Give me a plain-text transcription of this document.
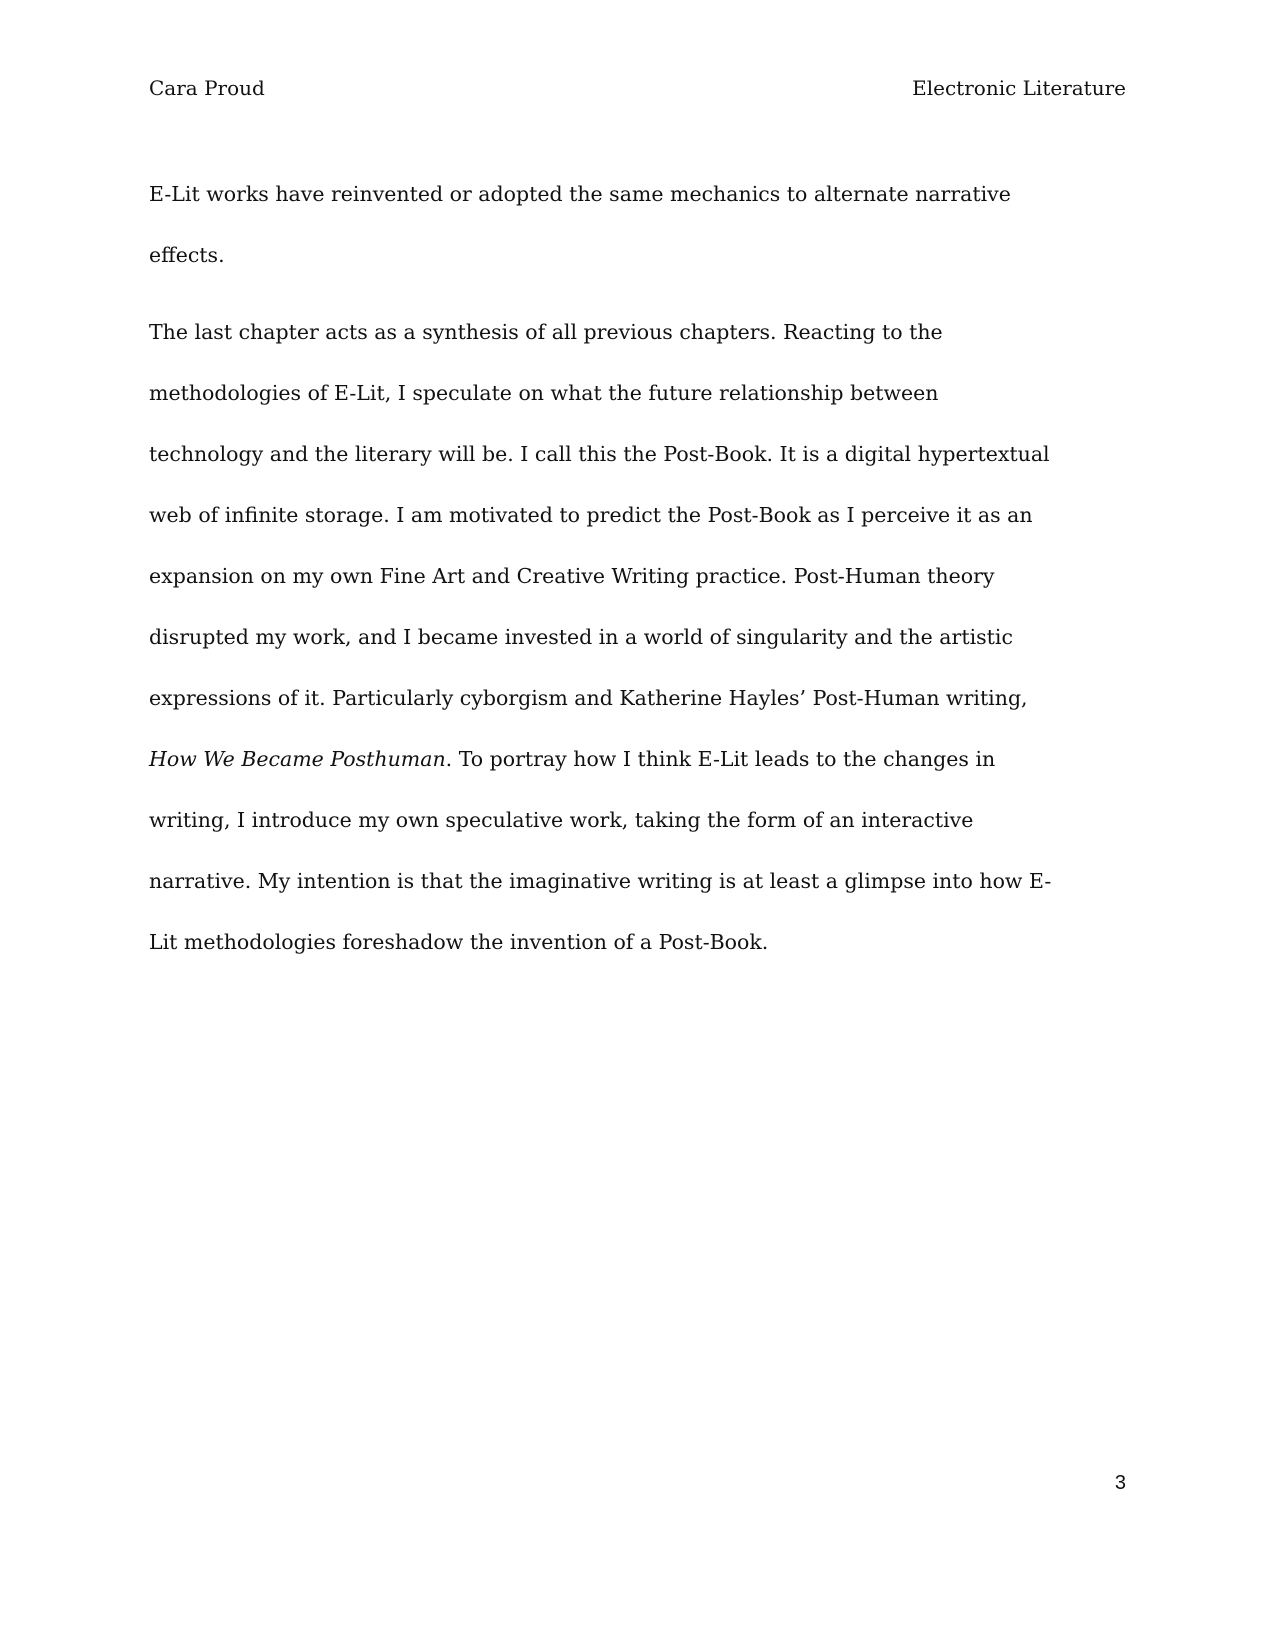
Cara Proud	Electronic Literature
E-Lit works have reinvented or adopted the same mechanics to alternate narrative
effects.
The last chapter acts as a synthesis of all previous chapters. Reacting to the
methodologies of E-Lit, I speculate on what the future relationship between
technology and the literary will be. I call this the Post-Book. It is a digital hypertextual
web of infinite storage. I am motivated to predict the Post-Book as I perceive it as an
expansion on my own Fine Art and Creative Writing practice. Post-Human theory
disrupted my work, and I became invested in a world of singularity and the artistic
expressions of it. Particularly cyborgism and Katherine Hayles’ Post-Human writing,
How We Became Posthuman. To portray how I think E-Lit leads to the changes in
writing, I introduce my own speculative work, taking the form of an interactive
narrative. My intention is that the imaginative writing is at least a glimpse into how E-
Lit methodologies foreshadow the invention of a Post-Book.
3
